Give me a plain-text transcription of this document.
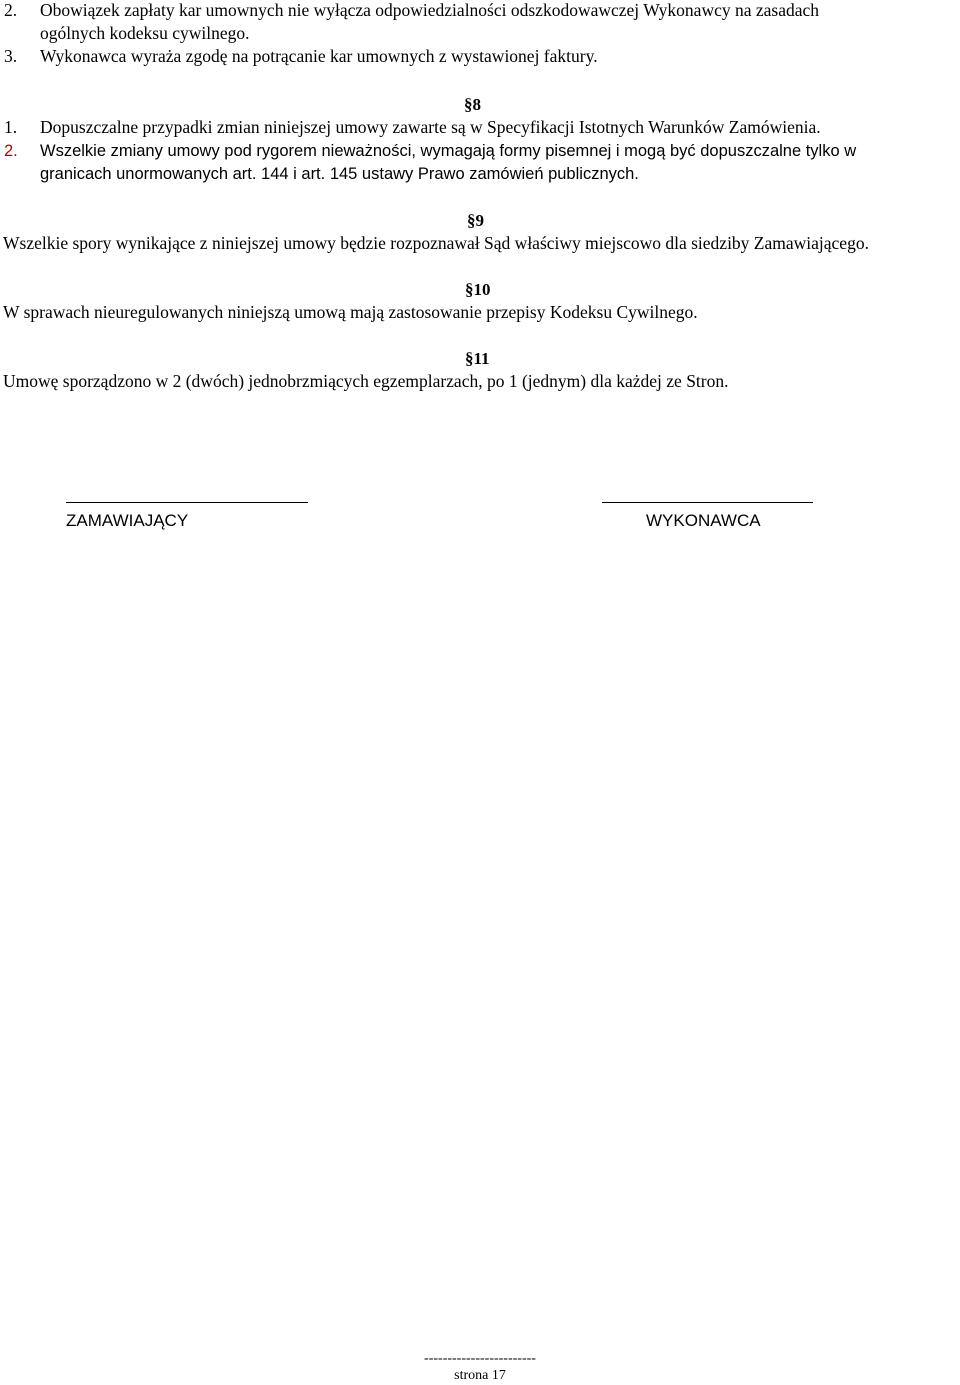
2. Obowiązek zapłaty kar umownych nie wyłącza odpowiedzialności odszkodowawczej Wykonawcy na zasadach
ogólnych kodeksu cywilnego.
3. Wykonawca wyraża zgodę na potrącanie kar umownych z wystawionej faktury.
§8
1. Dopuszczalne przypadki zmian niniejszej umowy zawarte są w Specyfikacji Istotnych Warunków Zamówienia.
2. Wszelkie zmiany umowy pod rygorem nieważności, wymagają formy pisemnej i mogą być dopuszczalne tylko w
granicach unormowanych art. 144 i art. 145 ustawy Prawo zamówień publicznych.
§9
Wszelkie spory wynikające z niniejszej umowy będzie rozpoznawał Sąd właściwy miejscowo dla siedziby Zamawiającego.
§10
W sprawach nieuregulowanych niniejszą umową mają zastosowanie przepisy Kodeksu Cywilnego.
§11
Umowę sporządzono w 2 (dwóch) jednobrzmiących egzemplarzach, po 1 (jednym) dla każdej ze Stron.
ZAMAWIAJĄCY	WYKONAWCA
------------------------
strona 17
